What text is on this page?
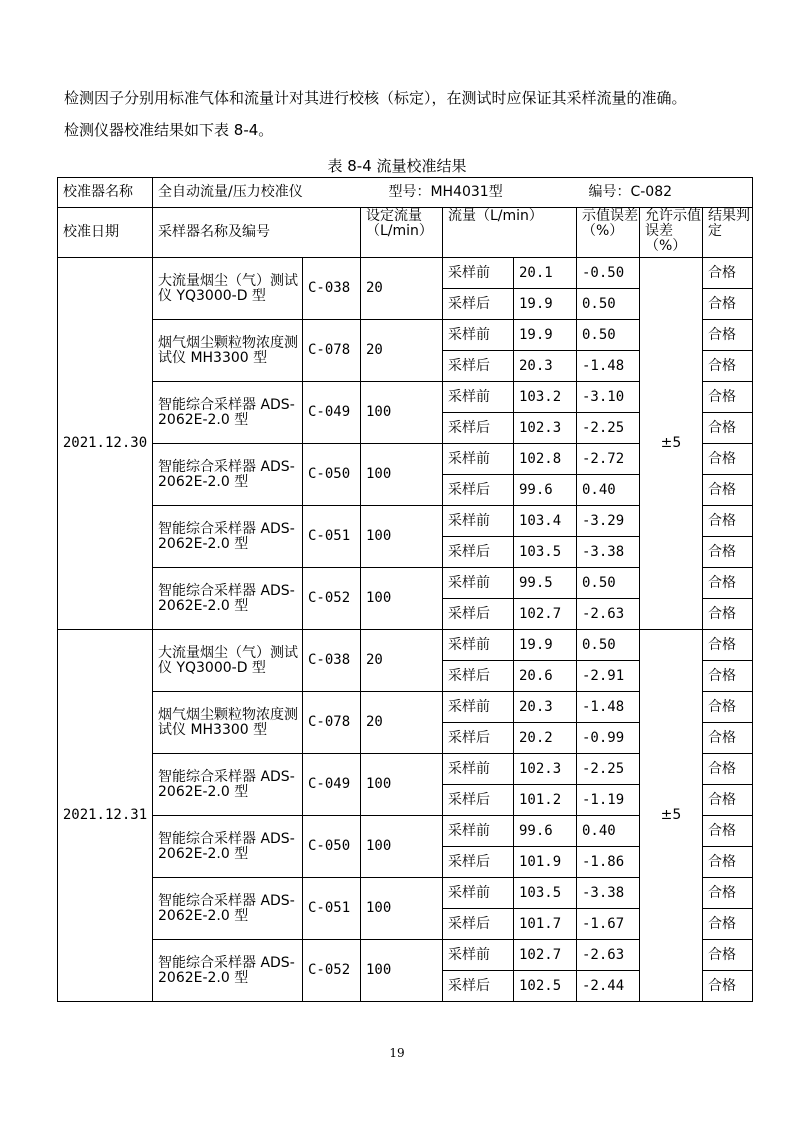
检测因子分别用标准气体和流量计对其进行校核（标定），在测试时应保证其采样流量的准确。
检测仪器校准结果如下表 8-4。
表 8-4 流量校准结果
校准器名称	全自动流量/压力校准仪 型号：MH4031型 编号：C-082							

校准日期	采样器名称及编号		设定流量（L/min）	流量（L/min）		示值误差（%）	允许示值误差（%）	结果判定
2021.12.30	大流量烟尘（气）测试仪 YQ3000-D 型	C-038	20	采样前	20.1	-0.50	±5	合格
				采样后	19.9	0.50		合格
	烟气烟尘颗粒物浓度测试仪 MH3300 型	C-078	20	采样前	19.9	0.50		合格
				采样后	20.3	-1.48		合格
	智能综合采样器 ADS-2062E-2.0 型	C-049	100	采样前	103.2	-3.10		合格
				采样后	102.3	-2.25		合格
	智能综合采样器 ADS-2062E-2.0 型	C-050	100	采样前	102.8	-2.72		合格
				采样后	99.6	0.40		合格
	智能综合采样器 ADS-2062E-2.0 型	C-051	100	采样前	103.4	-3.29		合格
				采样后	103.5	-3.38		合格
	智能综合采样器 ADS-2062E-2.0 型	C-052	100	采样前	99.5	0.50		合格
				采样后	102.7	-2.63		合格
2021.12.31	大流量烟尘（气）测试仪 YQ3000-D 型	C-038	20	采样前	19.9	0.50	±5	合格
				采样后	20.6	-2.91		合格
	烟气烟尘颗粒物浓度测试仪 MH3300 型	C-078	20	采样前	20.3	-1.48		合格
				采样后	20.2	-0.99		合格
	智能综合采样器 ADS-2062E-2.0 型	C-049	100	采样前	102.3	-2.25		合格
				采样后	101.2	-1.19		合格
	智能综合采样器 ADS-2062E-2.0 型	C-050	100	采样前	99.6	0.40		合格
				采样后	101.9	-1.86		合格
	智能综合采样器 ADS-2062E-2.0 型	C-051	100	采样前	103.5	-3.38		合格
				采样后	101.7	-1.67		合格
	智能综合采样器 ADS-2062E-2.0 型	C-052	100	采样前	102.7	-2.63		合格
				采样后	102.5	-2.44		合格
19
